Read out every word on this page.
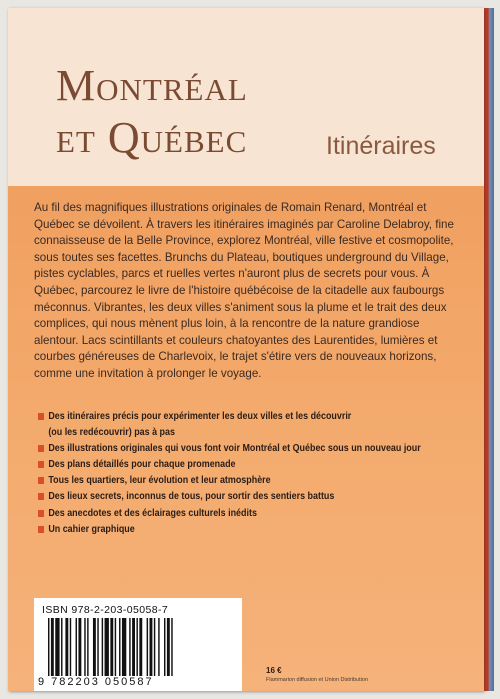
Montréal
et Québec	Itinéraires
Au fil des magnifiques illustrations originales de Romain Renard, Montréal et Québec se dévoilent. À travers les itinéraires imaginés par Caroline Delabroy, fine connaisseuse de la Belle Province, explorez Montréal, ville festive et cosmopolite, sous toutes ses facettes. Brunchs du Plateau, boutiques underground du Village, pistes cyclables, parcs et ruelles vertes n'auront plus de secrets pour vous. À Québec, parcourez le livre de l'histoire québécoise de la citadelle aux faubourgs méconnus. Vibrantes, les deux villes s'animent sous la plume et le trait des deux complices, qui nous mènent plus loin, à la rencontre de la nature grandiose alentour. Lacs scintillants et couleurs chatoyantes des Laurentides, lumières et courbes généreuses de Charlevoix, le trajet s'étire vers de nouveaux horizons, comme une invitation à prolonger le voyage.
Des itinéraires précis pour expérimenter les deux villes et les découvrir
(ou les redécouvrir) pas à pas
Des illustrations originales qui vous font voir Montréal et Québec sous un nouveau jour
Des plans détaillés pour chaque promenade
Tous les quartiers, leur évolution et leur atmosphère
Des lieux secrets, inconnus de tous, pour sortir des sentiers battus
Des anecdotes et des éclairages culturels inédits
Un cahier graphique
ISBN 978-2-203-05058-7
9 782203 050587
16 €
Flammarion diffusion et Union Distribution
